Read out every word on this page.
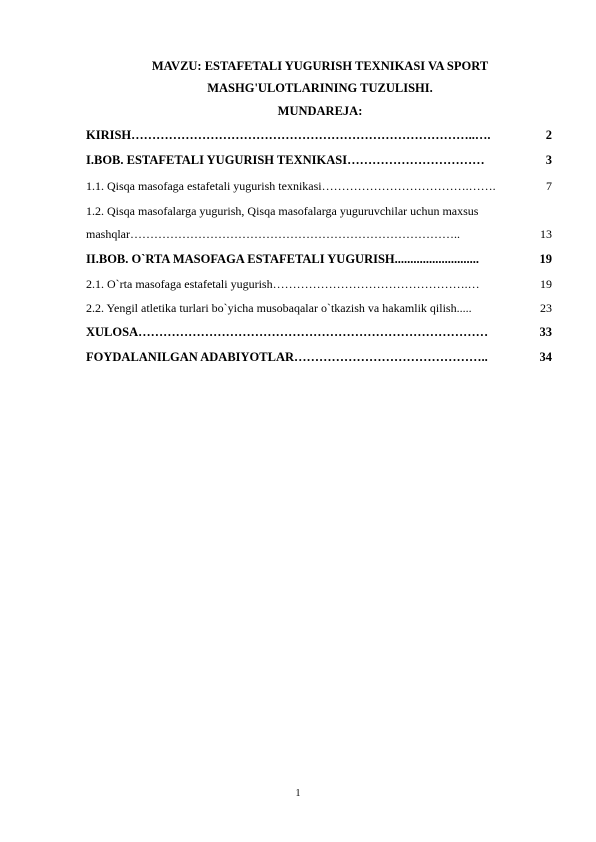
MAVZU: ESTAFETALI YUGURISH TEXNIKASI VA SPORT
MASHG'ULOTLARINING TUZULISHI.
MUNDAREJA:
KIRISH………………………………………………………………………..….	2
I.BOB. ESTAFETALI YUGURISH TEXNIKASI……………………………	3
1.1. Qisqa masofaga estafetali yugurish texnikasi……………………………….…….	7
1.2. Qisqa masofalarga yugurish, Qisqa masofalarga yuguruvchilar uchun maxsus
mashqlar………………………………………………………………………..	13
II.BOB. O`RTA MASOFAGA ESTAFETALI YUGURISH...........................	19
2.1. O`rta masofaga estafetali yugurish………………………………………….…	19
2.2. Yengil atletika turlari bo`yicha musobaqalar o`tkazish va hakamlik qilish.....	23
XULOSA…………………………………………………………………………	33
FOYDALANILGAN ADABIYOTLAR………………………………………..	34
1
